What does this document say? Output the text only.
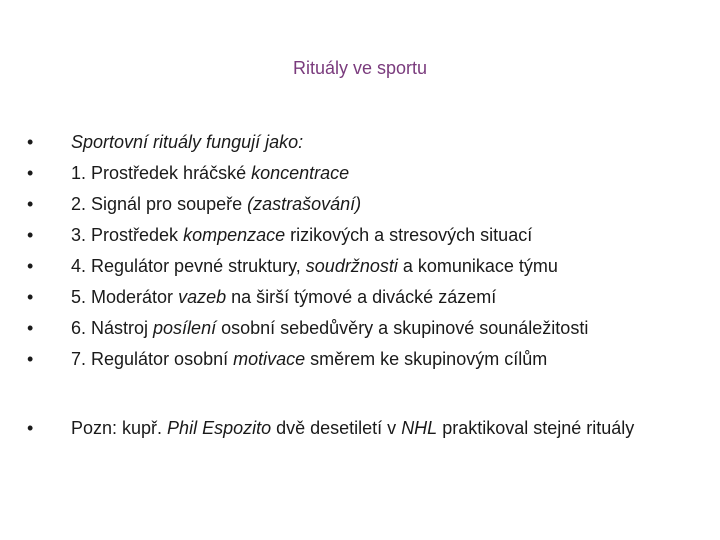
Rituály ve sportu
• Sportovní rituály fungují jako:
• 1. Prostředek hráčské koncentrace
• 2. Signál pro soupeře (zastrašování)
• 3. Prostředek kompenzace rizikových a stresových situací
• 4. Regulátor pevné struktury, soudržnosti a komunikace týmu
• 5. Moderátor vazeb na širší týmové a divácké zázemí
• 6. Nástroj posílení osobní sebedůvěry a skupinové sounáležitosti
• 7. Regulátor osobní motivace směrem ke skupinovým cílům
• • Pozn: kupř. Phil Espozito dvě desetiletí v NHL praktikoval stejné rituály
